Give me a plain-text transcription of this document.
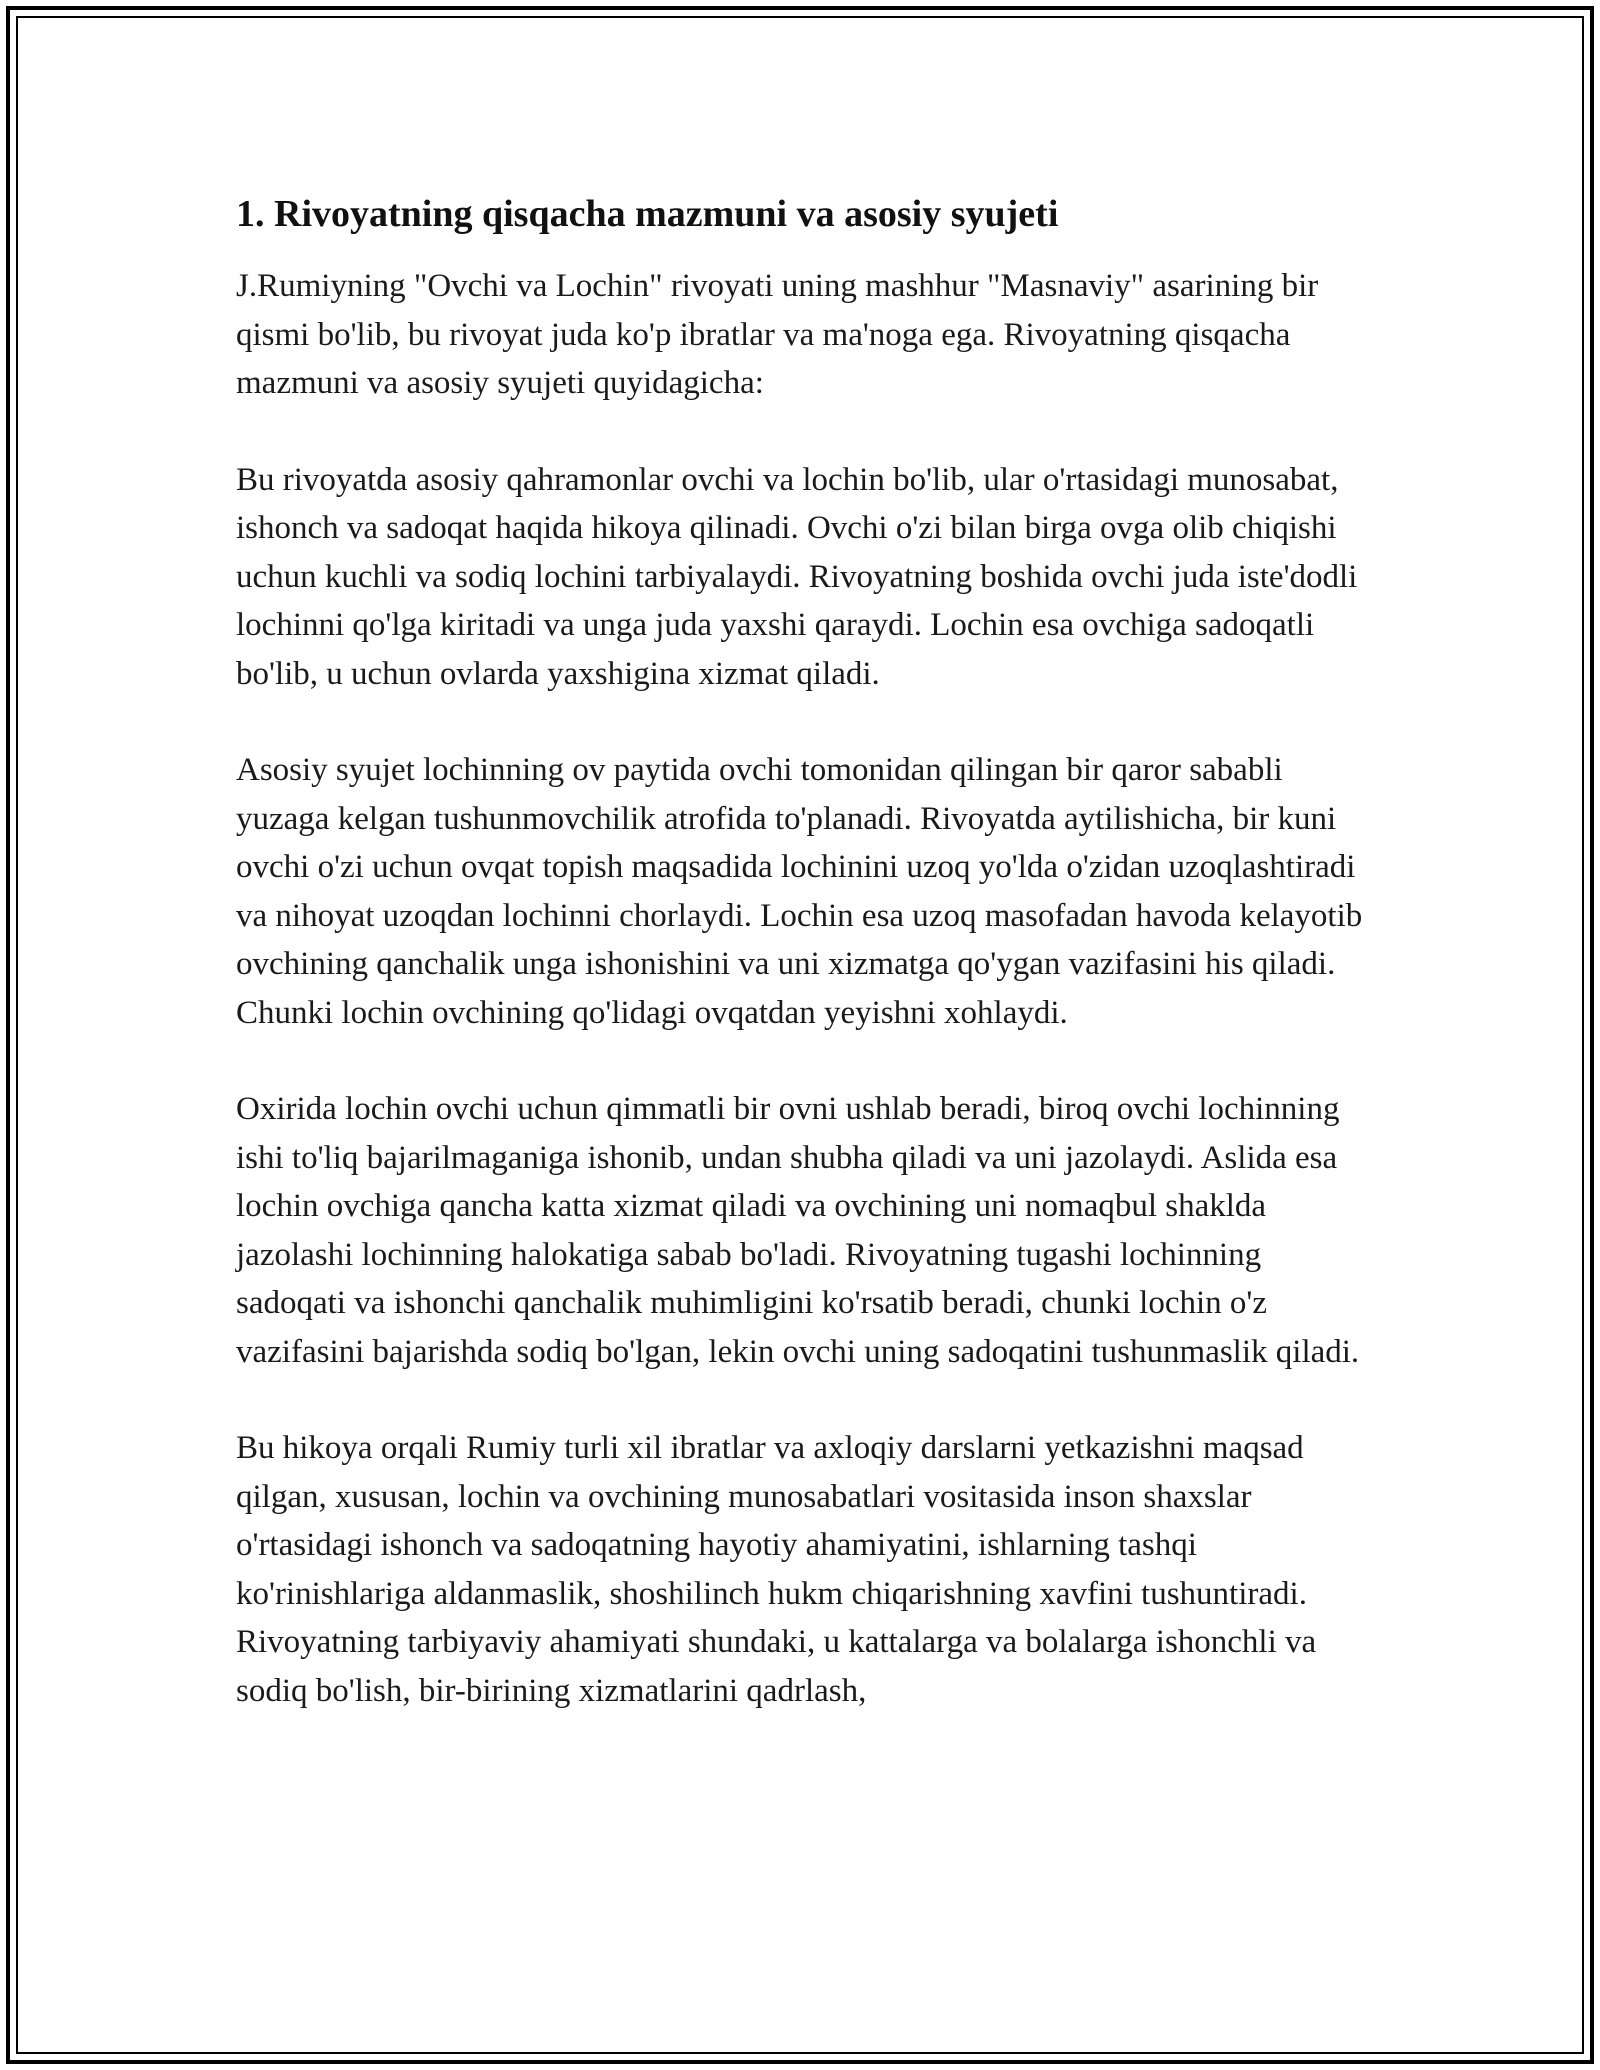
1. Rivoyatning qisqacha mazmuni va asosiy syujeti

J.Rumiyning "Ovchi va Lochin" rivoyati uning mashhur "Masnaviy" asarining bir qismi bo'lib, bu rivoyat juda ko'p ibratlar va ma'noga ega. Rivoyatning qisqacha mazmuni va asosiy syujeti quyidagicha:

Bu rivoyatda asosiy qahramonlar ovchi va lochin bo'lib, ular o'rtasidagi munosabat, ishonch va sadoqat haqida hikoya qilinadi. Ovchi o'zi bilan birga ovga olib chiqishi uchun kuchli va sodiq lochini tarbiyalaydi. Rivoyatning boshida ovchi juda iste'dodli lochinni qo'lga kiritadi va unga juda yaxshi qaraydi. Lochin esa ovchiga sadoqatli bo'lib, u uchun ovlarda yaxshigina xizmat qiladi.

Asosiy syujet lochinning ov paytida ovchi tomonidan qilingan bir qaror sababli yuzaga kelgan tushunmovchilik atrofida to'planadi. Rivoyatda aytilishicha, bir kuni ovchi o'zi uchun ovqat topish maqsadida lochinini uzoq yo'lda o'zidan uzoqlashtiradi va nihoyat uzoqdan lochinni chorlaydi. Lochin esa uzoq masofadan havoda kelayotib ovchining qanchalik unga ishonishini va uni xizmatga qo'ygan vazifasini his qiladi. Chunki lochin ovchining qo'lidagi ovqatdan yeyishni xohlaydi.

Oxirida lochin ovchi uchun qimmatli bir ovni ushlab beradi, biroq ovchi lochinning ishi to'liq bajarilmaganiga ishonib, undan shubha qiladi va uni jazolaydi. Aslida esa lochin ovchiga qancha katta xizmat qiladi va ovchining uni nomaqbul shaklda jazolashi lochinning halokatiga sabab bo'ladi. Rivoyatning tugashi lochinning sadoqati va ishonchi qanchalik muhimligini ko'rsatib beradi, chunki lochin o'z vazifasini bajarishda sodiq bo'lgan, lekin ovchi uning sadoqatini tushunmaslik qiladi.

Bu hikoya orqali Rumiy turli xil ibratlar va axloqiy darslarni yetkazishni maqsad qilgan, xususan, lochin va ovchining munosabatlari vositasida inson shaxslar o'rtasidagi ishonch va sadoqatning hayotiy ahamiyatini, ishlarning tashqi ko'rinishlariga aldanmaslik, shoshilinch hukm chiqarishning xavfini tushuntiradi. Rivoyatning tarbiyaviy ahamiyati shundaki, u kattalarga va bolalarga ishonchli va sodiq bo'lish, bir-birining xizmatlarini qadrlash,
